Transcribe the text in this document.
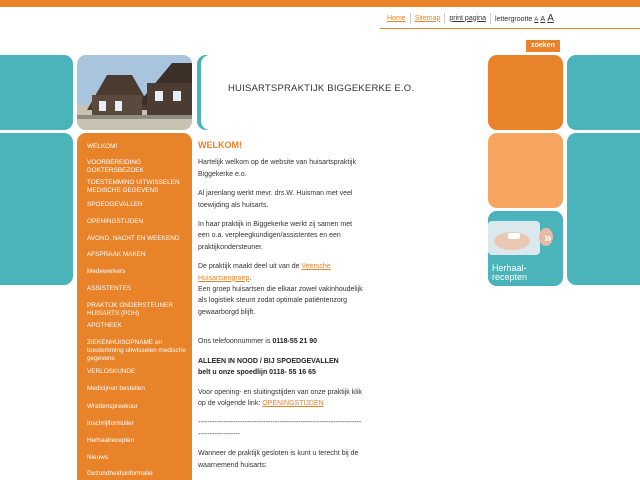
Home	Sitemap	print pagina	lettergrootte A A A
zoeken
HUISARTSPRAKTIJK BIGGEKERKE E.O.
WELKOM!
VOORBEREIDING DOKTERSBEZOEK
TOESTEMMING UITWISSELEN MEDISCHE GEGEVENS
SPOEDGEVALLEN
OPENINGSTIJDEN
AVOND, NACHT EN WEEKEND
AFSPRAAK MAKEN
Medewerkers
ASSISTENTES
PRAKTIJK ONDERSTEUNER HUISARTS (POH)
APOTHEEK
ZIEKENHUISOPNAME en toestemming uitwisselen medische gegevens
VERLOSKUNDE
Medicijnen bestellen
Wrattenspreekuur
Inschrijfformulier
Herhaalrecepten
Nieuws
Gezondheidsinformatie
WELKOM!

Hartelijk welkom op de website van huisartspraktijk Biggekerke e.o.

Al jarenlang werkt mevr. drs.W. Huisman met veel toewijding als huisarts.

In haar praktijk in Biggekerke werkt zij samen met een o.a. verpleegkundigen/assistentes en een praktijkondersteuner.

De praktijk maakt deel uit van de Veersche Huisartsengroep.
Een groep huisartsen die elkaar zowel vakinhoudelijk als logistiek steunt zodat optimale patiëntenzorg gewaarborgd blijft.

Ons telefoonnummer is 0118-55 21 90

ALLEEN IN NOOD / BIJ SPOEDGEVALLEN
belt u onze spoedlijn 0118- 55 16 65

Voor opening- en sluitingstijden van onze praktijk klik op de volgende link: OPENINGSTIJDEN

----------------------------------------------------------------------------------------

Wanneer de praktijk gesloten is kunt u terecht bij de waarnemend huisarts:

»
Herhaal-recepten
